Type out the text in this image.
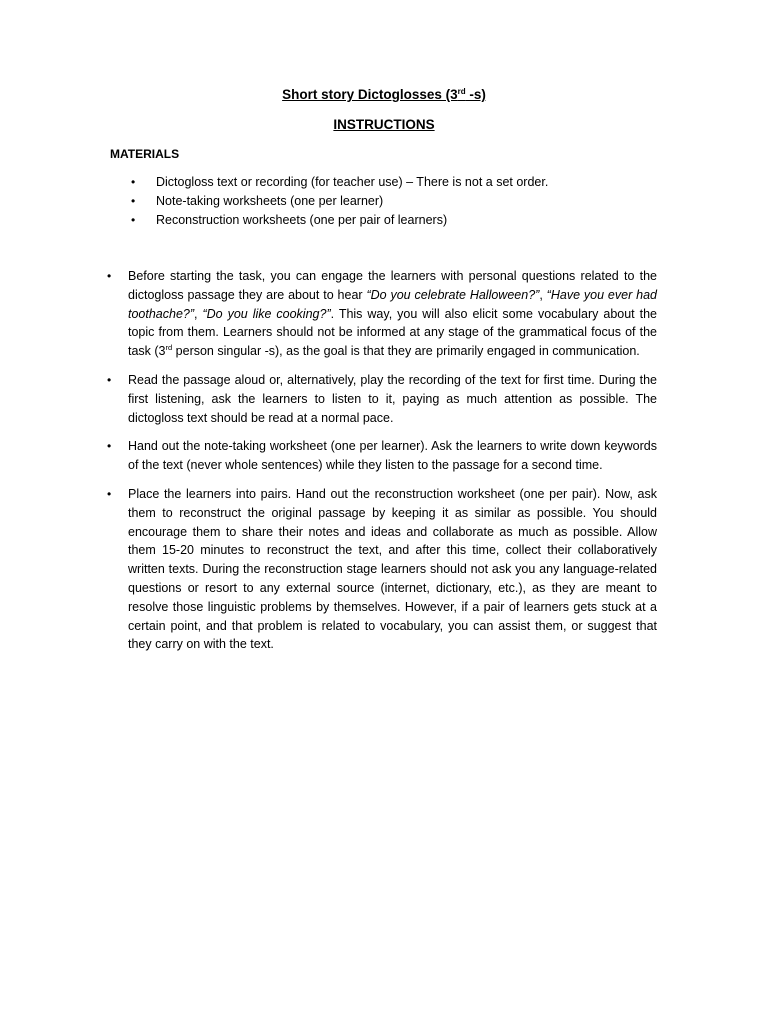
Short story Dictoglosses (3rd -s)
INSTRUCTIONS
MATERIALS
• Dictogloss text or recording (for teacher use) – There is not a set order.
• Note-taking worksheets (one per learner)
• Reconstruction worksheets (one per pair of learners)
• Before starting the task, you can engage the learners with personal questions related to the dictogloss passage they are about to hear “Do you celebrate Halloween?”, “Have you ever had toothache?”, “Do you like cooking?”. This way, you will also elicit some vocabulary about the topic from them. Learners should not be informed at any stage of the grammatical focus of the task (3rd person singular -s), as the goal is that they are primarily engaged in communication.
• Read the passage aloud or, alternatively, play the recording of the text for first time. During the first listening, ask the learners to listen to it, paying as much attention as possible. The dictogloss text should be read at a normal pace.
• Hand out the note-taking worksheet (one per learner). Ask the learners to write down keywords of the text (never whole sentences) while they listen to the passage for a second time.
• Place the learners into pairs. Hand out the reconstruction worksheet (one per pair). Now, ask them to reconstruct the original passage by keeping it as similar as possible. You should encourage them to share their notes and ideas and collaborate as much as possible. Allow them 15-20 minutes to reconstruct the text, and after this time, collect their collaboratively written texts. During the reconstruction stage learners should not ask you any language-related questions or resort to any external source (internet, dictionary, etc.), as they are meant to resolve those linguistic problems by themselves. However, if a pair of learners gets stuck at a certain point, and that problem is related to vocabulary, you can assist them, or suggest that they carry on with the text.
